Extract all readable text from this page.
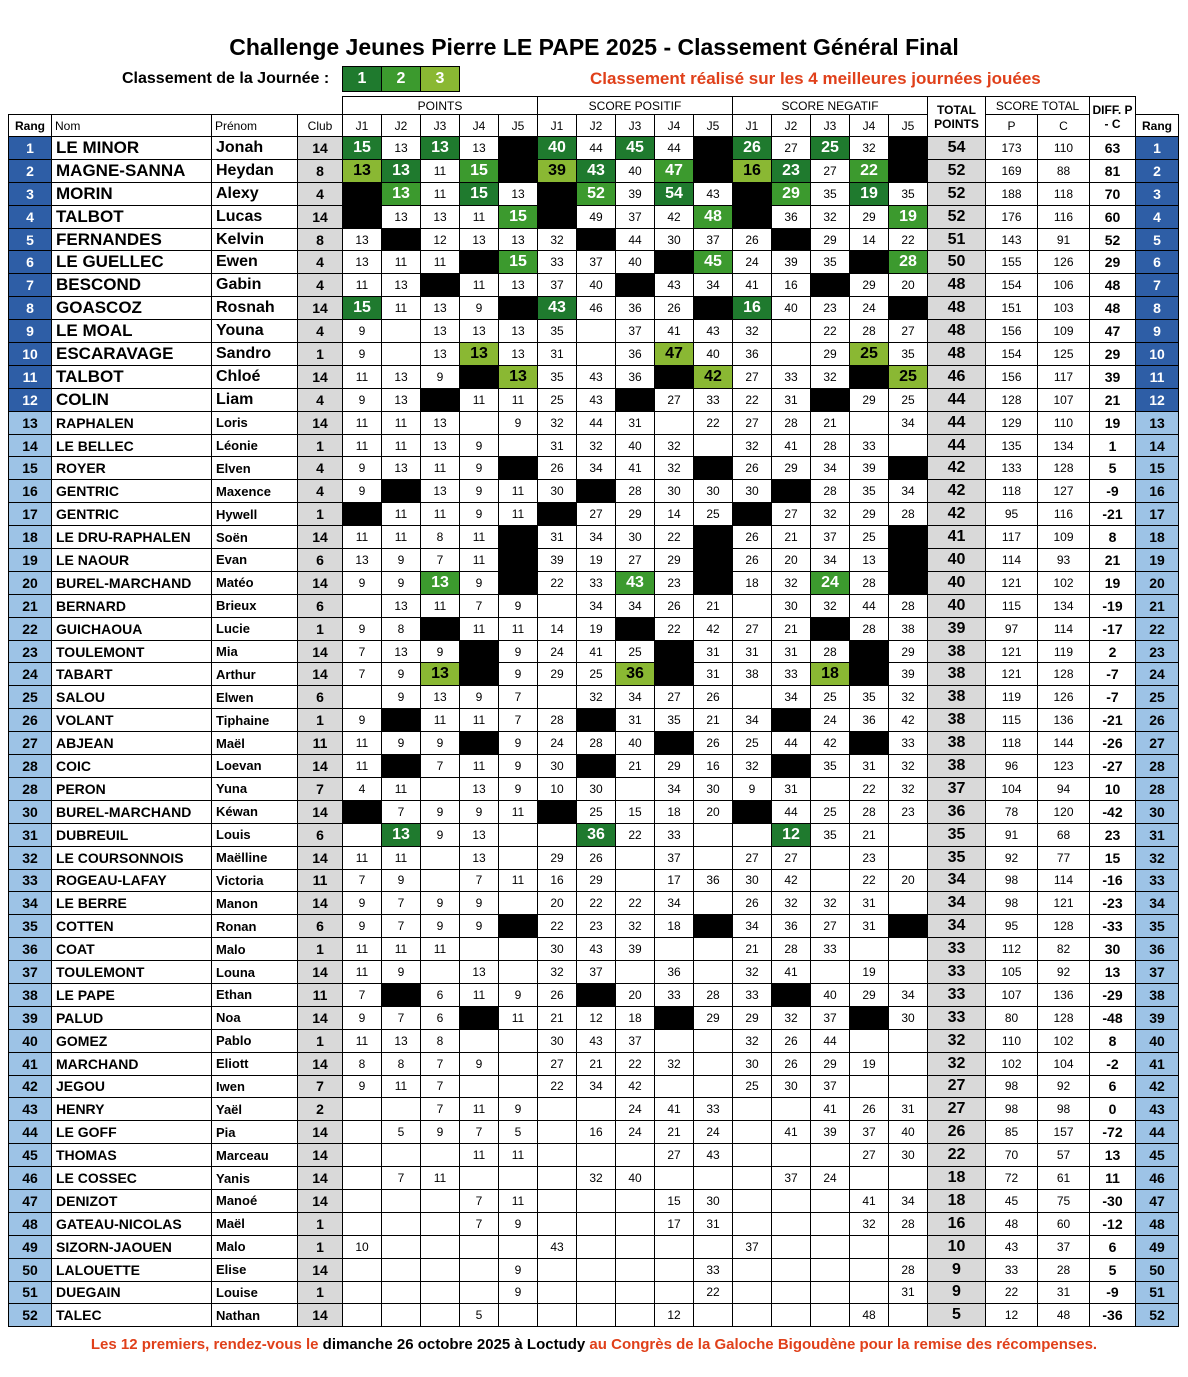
Challenge Jeunes Pierre LE PAPE 2025 - Classement Général Final
Classement de la Journée :	1	2	3	Classement réalisé sur les 4 meilleures journées jouées
				POINTS					SCORE POSITIF					SCORE NEGATIF					TOTAL POINTS	SCORE TOTAL		DIFF. P - C	
Rang	Nom	Prénom	Club	J1	J2	J3	J4	J5	J1	J2	J3	J4	J5	J1	J2	J3	J4	J5		P	C		Rang
1	LE MINOR	Jonah	14	15	13	13	13		40	44	45	44		26	27	25	32		54	173	110	63	1
2	MAGNE-SANNA	Heydan	8	13	13	11	15		39	43	40	47		16	23	27	22		52	169	88	81	2
3	MORIN	Alexy	4		13	11	15	13		52	39	54	43		29	35	19	35	52	188	118	70	3
4	TALBOT	Lucas	14		13	13	11	15		49	37	42	48		36	32	29	19	52	176	116	60	4
5	FERNANDES	Kelvin	8	13		12	13	13	32		44	30	37	26		29	14	22	51	143	91	52	5
6	LE GUELLEC	Ewen	4	13	11	11		15	33	37	40		45	24	39	35		28	50	155	126	29	6
7	BESCOND	Gabin	4	11	13		11	13	37	40		43	34	41	16		29	20	48	154	106	48	7
8	GOASCOZ	Rosnah	14	15	11	13	9		43	46	36	26		16	40	23	24		48	151	103	48	8
9	LE MOAL	Youna	4	9		13	13	13	35		37	41	43	32		22	28	27	48	156	109	47	9
10	ESCARAVAGE	Sandro	1	9		13	13	13	31		36	47	40	36		29	25	35	48	154	125	29	10
11	TALBOT	Chloé	14	11	13	9		13	35	43	36		42	27	33	32		25	46	156	117	39	11
12	COLIN	Liam	4	9	13		11	11	25	43		27	33	22	31		29	25	44	128	107	21	12
13	RAPHALEN	Loris	14	11	11	13		9	32	44	31		22	27	28	21		34	44	129	110	19	13
14	LE BELLEC	Léonie	1	11	11	13	9		31	32	40	32		32	41	28	33		44	135	134	1	14
15	ROYER	Elven	4	9	13	11	9		26	34	41	32		26	29	34	39		42	133	128	5	15
16	GENTRIC	Maxence	4	9		13	9	11	30		28	30	30	30		28	35	34	42	118	127	-9	16
17	GENTRIC	Hywell	1		11	11	9	11		27	29	14	25		27	32	29	28	42	95	116	-21	17
18	LE DRU-RAPHALEN	Soën	14	11	11	8	11		31	34	30	22		26	21	37	25		41	117	109	8	18
19	LE NAOUR	Evan	6	13	9	7	11		39	19	27	29		26	20	34	13		40	114	93	21	19
20	BUREL-MARCHAND	Matéo	14	9	9	13	9		22	33	43	23		18	32	24	28		40	121	102	19	20
21	BERNARD	Brieux	6		13	11	7	9		34	34	26	21		30	32	44	28	40	115	134	-19	21
22	GUICHAOUA	Lucie	1	9	8		11	11	14	19		22	42	27	21		28	38	39	97	114	-17	22
23	TOULEMONT	Mia	14	7	13	9		9	24	41	25		31	31	31	28		29	38	121	119	2	23
24	TABART	Arthur	14	7	9	13		9	29	25	36		31	38	33	18		39	38	121	128	-7	24
25	SALOU	Elwen	6		9	13	9	7		32	34	27	26		34	25	35	32	38	119	126	-7	25
26	VOLANT	Tiphaine	1	9		11	11	7	28		31	35	21	34		24	36	42	38	115	136	-21	26
27	ABJEAN	Maël	11	11	9	9		9	24	28	40		26	25	44	42		33	38	118	144	-26	27
28	COIC	Loevan	14	11		7	11	9	30		21	29	16	32		35	31	32	38	96	123	-27	28
28	PERON	Yuna	7	4	11		13	9	10	30		34	30	9	31		22	32	37	104	94	10	28
30	BUREL-MARCHAND	Kéwan	14		7	9	9	11		25	15	18	20		44	25	28	23	36	78	120	-42	30
31	DUBREUIL	Louis	6		13	9	13			36	22	33			12	35	21		35	91	68	23	31
32	LE COURSONNOIS	Maëlline	14	11	11		13		29	26		37		27	27		23		35	92	77	15	32
33	ROGEAU-LAFAY	Victoria	11	7	9		7	11	16	29		17	36	30	42		22	20	34	98	114	-16	33
34	LE BERRE	Manon	14	9	7	9	9		20	22	22	34		26	32	32	31		34	98	121	-23	34
35	COTTEN	Ronan	6	9	7	9	9		22	23	32	18		34	36	27	31		34	95	128	-33	35
36	COAT	Malo	1	11	11	11			30	43	39			21	28	33			33	112	82	30	36
37	TOULEMONT	Louna	14	11	9		13		32	37		36		32	41		19		33	105	92	13	37
38	LE PAPE	Ethan	11	7		6	11	9	26		20	33	28	33		40	29	34	33	107	136	-29	38
39	PALUD	Noa	14	9	7	6		11	21	12	18		29	29	32	37		30	33	80	128	-48	39
40	GOMEZ	Pablo	1	11	13	8			30	43	37			32	26	44			32	110	102	8	40
41	MARCHAND	Eliott	14	8	8	7	9		27	21	22	32		30	26	29	19		32	102	104	-2	41
42	JEGOU	Iwen	7	9	11	7			22	34	42			25	30	37			27	98	92	6	42
43	HENRY	Yaël	2			7	11	9			24	41	33			41	26	31	27	98	98	0	43
44	LE GOFF	Pia	14		5	9	7	5		16	24	21	24		41	39	37	40	26	85	157	-72	44
45	THOMAS	Marceau	14				11	11				27	43				27	30	22	70	57	13	45
46	LE COSSEC	Yanis	14		7	11				32	40				37	24			18	72	61	11	46
47	DENIZOT	Manoé	14				7	11				15	30				41	34	18	45	75	-30	47
48	GATEAU-NICOLAS	Maël	1				7	9				17	31				32	28	16	48	60	-12	48
49	SIZORN-JAOUEN	Malo	1	10					43					37					10	43	37	6	49
50	LALOUETTE	Elise	14					9					33					28	9	33	28	5	50
51	DUEGAIN	Louise	1					9					22					31	9	22	31	-9	51
52	TALEC	Nathan	14				5					12					48		5	12	48	-36	52
Les 12 premiers, rendez-vous le dimanche 26 octobre 2025 à Loctudy au Congrès de la Galoche Bigoudène pour la remise des récompenses.
